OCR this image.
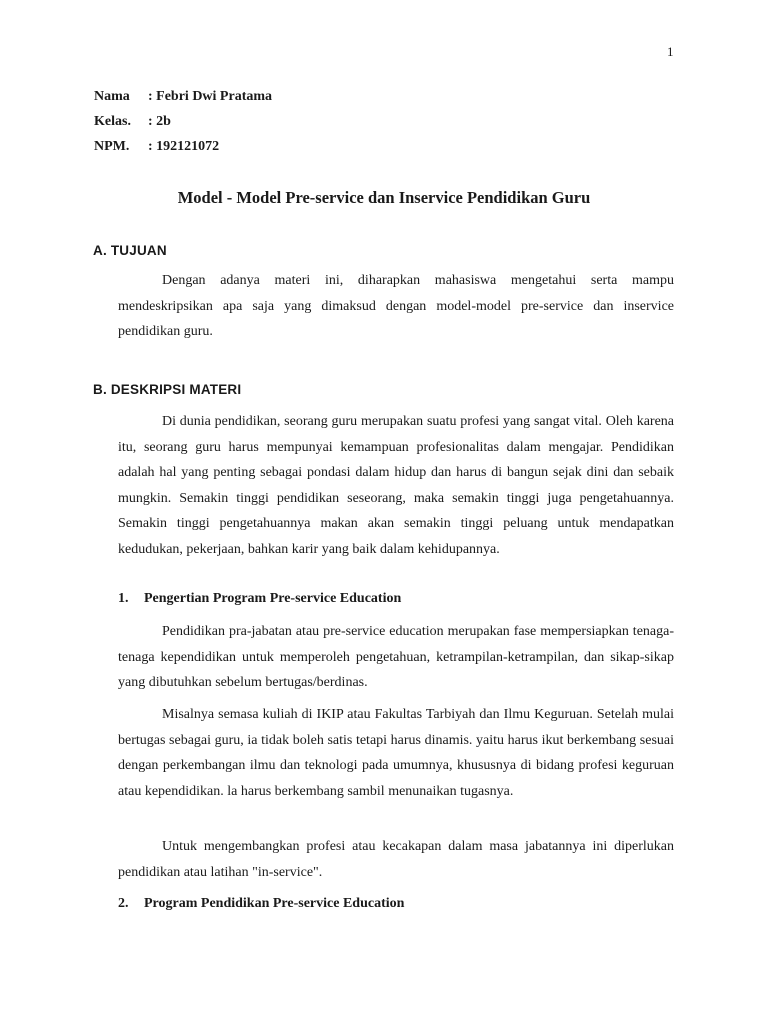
1
Nama : Febri Dwi Pratama
Kelas. : 2b
NPM. : 192121072
Model - Model Pre-service dan Inservice Pendidikan Guru
A. TUJUAN

Dengan adanya materi ini, diharapkan mahasiswa mengetahui serta mampu mendeskripsikan apa saja yang dimaksud dengan model-model pre-service dan inservice pendidikan guru.

B. DESKRIPSI MATERI

Di dunia pendidikan, seorang guru merupakan suatu profesi yang sangat vital. Oleh karena itu, seorang guru harus mempunyai kemampuan profesionalitas dalam mengajar. Pendidikan adalah hal yang penting sebagai pondasi dalam hidup dan harus di bangun sejak dini dan sebaik mungkin. Semakin tinggi pendidikan seseorang, maka semakin tinggi juga pengetahuannya. Semakin tinggi pengetahuannya makan akan semakin tinggi peluang untuk mendapatkan kedudukan, pekerjaan, bahkan karir yang baik dalam kehidupannya.

1. Pengertian Program Pre-service Education

Pendidikan pra-jabatan atau pre-service education merupakan fase mempersiapkan tenaga-tenaga kependidikan untuk memperoleh pengetahuan, ketrampilan-ketrampilan, dan sikap-sikap yang dibutuhkan sebelum bertugas/berdinas.

Misalnya semasa kuliah di IKIP atau Fakultas Tarbiyah dan Ilmu Keguruan. Setelah mulai bertugas sebagai guru, ia tidak boleh satis tetapi harus dinamis. yaitu harus ikut berkembang sesuai dengan perkembangan ilmu dan teknologi pada umumnya, khususnya di bidang profesi keguruan atau kependidikan. la harus berkembang sambil menunaikan tugasnya.

Untuk mengembangkan profesi atau kecakapan dalam masa jabatannya ini diperlukan pendidikan atau latihan "in-service".

2. Program Pendidikan Pre-service Education
